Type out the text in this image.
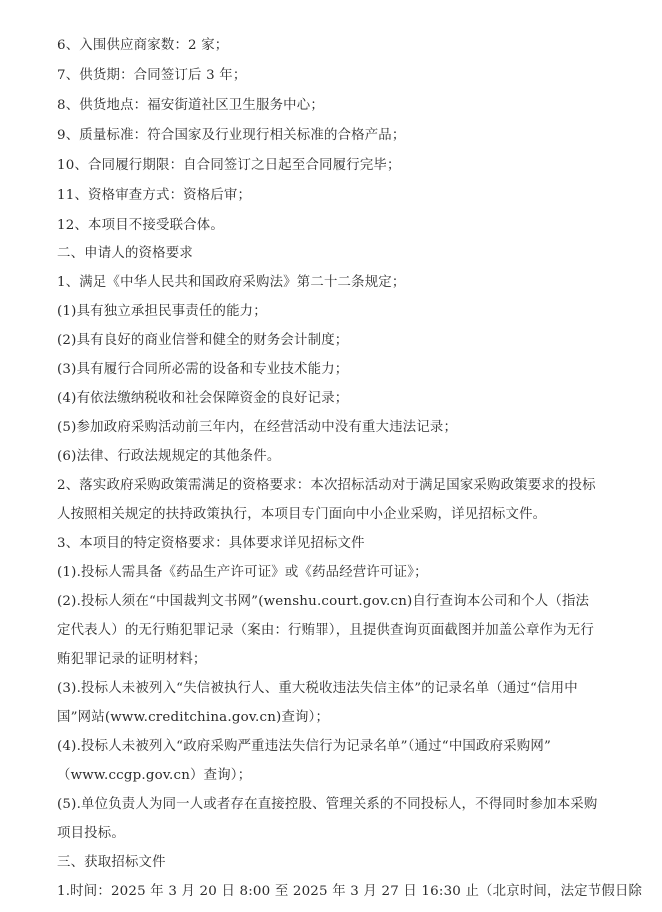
6、入围供应商家数：2 家；
7、供货期：合同签订后 3 年；
8、供货地点：福安街道社区卫生服务中心；
9、质量标准：符合国家及行业现行相关标准的合格产品；
10、合同履行期限：自合同签订之日起至合同履行完毕；
11、资格审查方式：资格后审；
12、本项目不接受联合体。
二、申请人的资格要求
1、满足《中华人民共和国政府采购法》第二十二条规定；
(1)具有独立承担民事责任的能力；
(2)具有良好的商业信誉和健全的财务会计制度；
(3)具有履行合同所必需的设备和专业技术能力；
(4)有依法缴纳税收和社会保障资金的良好记录；
(5)参加政府采购活动前三年内，在经营活动中没有重大违法记录；
(6)法律、行政法规规定的其他条件。
2、落实政府采购政策需满足的资格要求：本次招标活动对于满足国家采购政策要求的投标
人按照相关规定的扶持政策执行，本项目专门面向中小企业采购，详见招标文件。
3、本项目的特定资格要求：具体要求详见招标文件
(1).投标人需具备《药品生产许可证》或《药品经营许可证》；
(2).投标人须在“中国裁判文书网”(wenshu.court.gov.cn)自行查询本公司和个人（指法
定代表人）的无行贿犯罪记录（案由：行贿罪），且提供查询页面截图并加盖公章作为无行
贿犯罪记录的证明材料；
(3).投标人未被列入“失信被执行人、重大税收违法失信主体”的记录名单（通过“信用中
国”网站(www.creditchina.gov.cn)查询）；
(4).投标人未被列入“政府采购严重违法失信行为记录名单”（通过“中国政府采购网”
（www.ccgp.gov.cn）查询）；
(5).单位负责人为同一人或者存在直接控股、管理关系的不同投标人，不得同时参加本采购
项目投标。
三、获取招标文件
1.时间：2025 年 3 月 20 日 8:00 至 2025 年 3 月 27 日 16:30 止（北京时间，法定节假日除
